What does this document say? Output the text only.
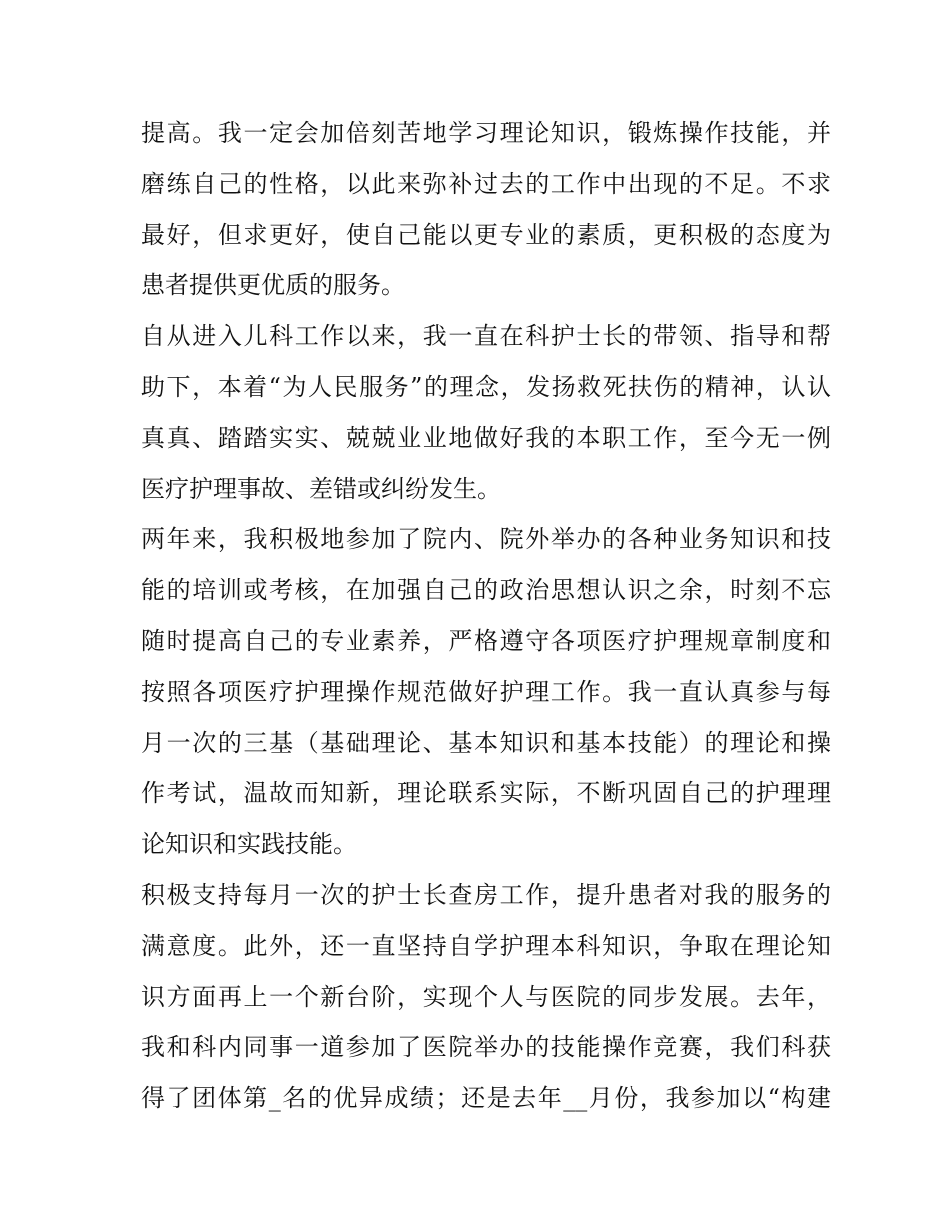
提高。我一定会加倍刻苦地学习理论知识，锻炼操作技能，并
磨练自己的性格，以此来弥补过去的工作中出现的不足。不求
最好，但求更好，使自己能以更专业的素质，更积极的态度为
患者提供更优质的服务。
自从进入儿科工作以来，我一直在科护士长的带领、指导和帮
助下，本着“为人民服务”的理念，发扬救死扶伤的精神，认认
真真、踏踏实实、兢兢业业地做好我的本职工作，至今无一例
医疗护理事故、差错或纠纷发生。
两年来，我积极地参加了院内、院外举办的各种业务知识和技
能的培训或考核，在加强自己的政治思想认识之余，时刻不忘
随时提高自己的专业素养，严格遵守各项医疗护理规章制度和
按照各项医疗护理操作规范做好护理工作。我一直认真参与每
月一次的三基（基础理论、基本知识和基本技能）的理论和操
作考试，温故而知新，理论联系实际，不断巩固自己的护理理
论知识和实践技能。
积极支持每月一次的护士长查房工作，提升患者对我的服务的
满意度。此外，还一直坚持自学护理本科知识，争取在理论知
识方面再上一个新台阶，实现个人与医院的同步发展。去年，
我和科内同事一道参加了医院举办的技能操作竞赛，我们科获
得了团体第_名的优异成绩；还是去年__月份，我参加以“构建
